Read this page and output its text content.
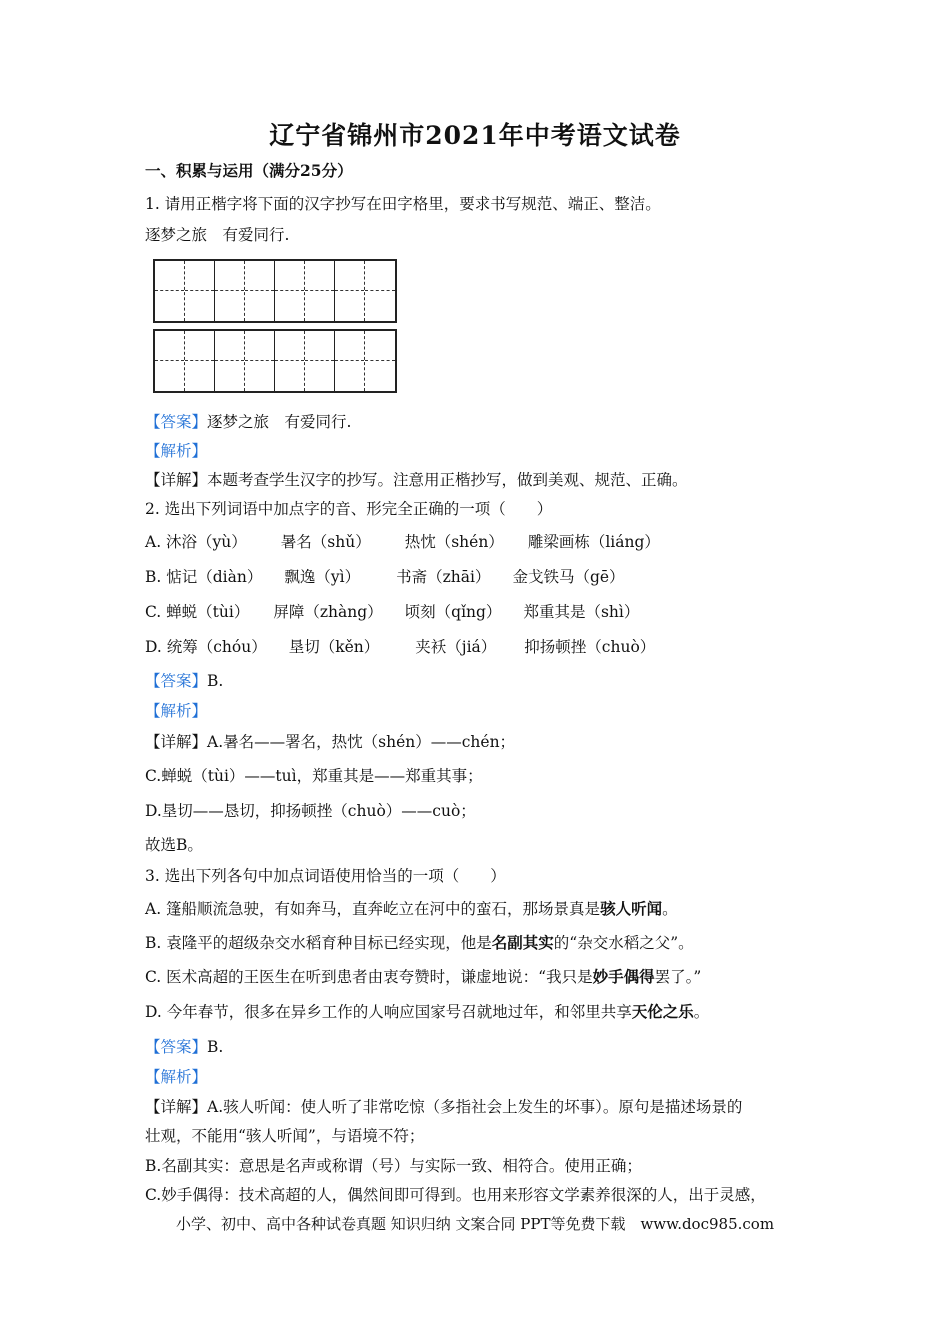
辽宁省锦州市2021年中考语文试卷
一、积累与运用（满分25分）
1. 请用正楷字将下面的汉字抄写在田字格里，要求书写规范、端正、整洁。
逐梦之旅　有爱同行.
【答案】逐梦之旅　有爱同行.
【解析】
【详解】本题考查学生汉字的抄写。注意用正楷抄写，做到美观、规范、正确。
2. 选出下列词语中加点字的音、形完全正确的一项（　　）
A. 沐浴（yù） 暑名（shǔ） 热忱（shén） 雕梁画栋（liáng）
B. 惦记（diàn） 飘逸（yì） 书斋（zhāi） 金戈铁马（gē）
C. 蝉蜕（tùi） 屏障（zhàng） 顷刻（qǐng） 郑重其是（shì）
D. 统筹（chóu） 垦切（kěn） 夹袄（jiá） 抑扬顿挫（chuò）
【答案】B.
【解析】
【详解】A.暑名——署名，热忱（shén）——chén；
C.蝉蜕（tùi）——tuì，郑重其是——郑重其事；
D.垦切——恳切，抑扬顿挫（chuò）——cuò；
故选B。
3. 选出下列各句中加点词语使用恰当的一项（　　）
A. 篷船顺流急驶，有如奔马，直奔屹立在河中的蛮石，那场景真是骇人听闻。
B. 袁隆平的超级杂交水稻育种目标已经实现，他是名副其实的“杂交水稻之父”。
C. 医术高超的王医生在听到患者由衷夸赞时，谦虚地说：“我只是妙手偶得罢了。”
D. 今年春节，很多在异乡工作的人响应国家号召就地过年，和邻里共享天伦之乐。
【答案】B.
【解析】
【详解】A.骇人听闻：使人听了非常吃惊（多指社会上发生的坏事）。原句是描述场景的
壮观，不能用“骇人听闻”，与语境不符；
B.名副其实：意思是名声或称谓（号）与实际一致、相符合。使用正确；
C.妙手偶得：技术高超的人，偶然间即可得到。也用来形容文学素养很深的人，出于灵感，
小学、初中、高中各种试卷真题 知识归纳 文案合同 PPT等免费下载　www.doc985.com
